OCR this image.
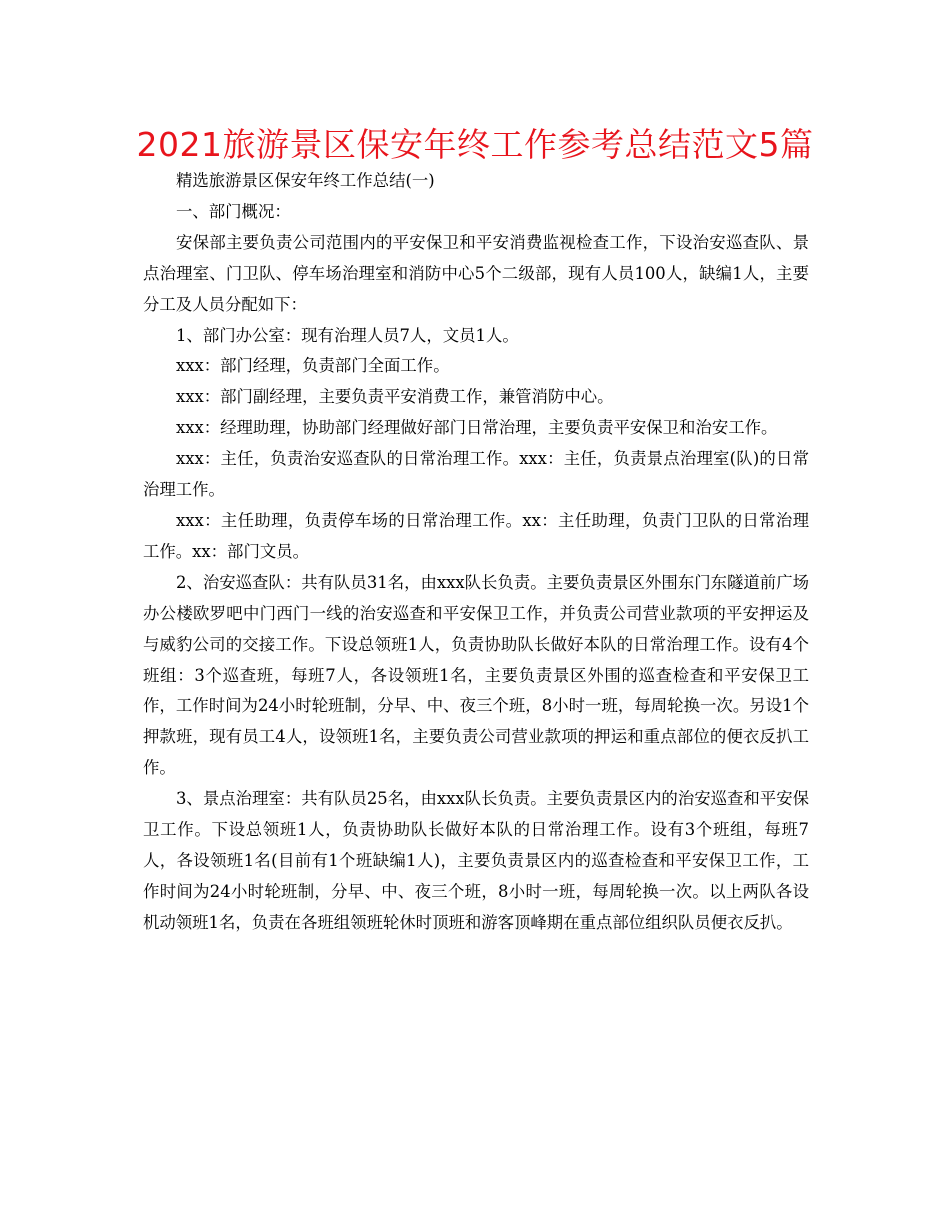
2021旅游景区保安年终工作参考总结范文5篇

精选旅游景区保安年终工作总结(一)

一、部门概况：

安保部主要负责公司范围内的平安保卫和平安消费监视检查工作，下设治安巡查队、景点治理室、门卫队、停车场治理室和消防中心5个二级部，现有人员100人，缺编1人，主要分工及人员分配如下：

1、部门办公室：现有治理人员7人，文员1人。

xxx：部门经理，负责部门全面工作。

xxx：部门副经理，主要负责平安消费工作，兼管消防中心。

xxx：经理助理，协助部门经理做好部门日常治理，主要负责平安保卫和治安工作。

xxx：主任，负责治安巡查队的日常治理工作。xxx：主任，负责景点治理室(队)的日常治理工作。

xxx：主任助理，负责停车场的日常治理工作。xx：主任助理，负责门卫队的日常治理工作。xx：部门文员。

2、治安巡查队：共有队员31名，由xxx队长负责。主要负责景区外围东门东隧道前广场办公楼欧罗吧中门西门一线的治安巡查和平安保卫工作，并负责公司营业款项的平安押运及与威豹公司的交接工作。下设总领班1人，负责协助队长做好本队的日常治理工作。设有4个班组：3个巡查班，每班7人，各设领班1名，主要负责景区外围的巡查检查和平安保卫工作，工作时间为24小时轮班制，分早、中、夜三个班，8小时一班，每周轮换一次。另设1个押款班，现有员工4人，设领班1名，主要负责公司营业款项的押运和重点部位的便衣反扒工作。

3、景点治理室：共有队员25名，由xxx队长负责。主要负责景区内的治安巡查和平安保卫工作。下设总领班1人，负责协助队长做好本队的日常治理工作。设有3个班组，每班7人，各设领班1名(目前有1个班缺编1人)，主要负责景区内的巡查检查和平安保卫工作，工作时间为24小时轮班制，分早、中、夜三个班，8小时一班，每周轮换一次。以上两队各设机动领班1名，负责在各班组领班轮休时顶班和游客顶峰期在重点部位组织队员便衣反扒。
